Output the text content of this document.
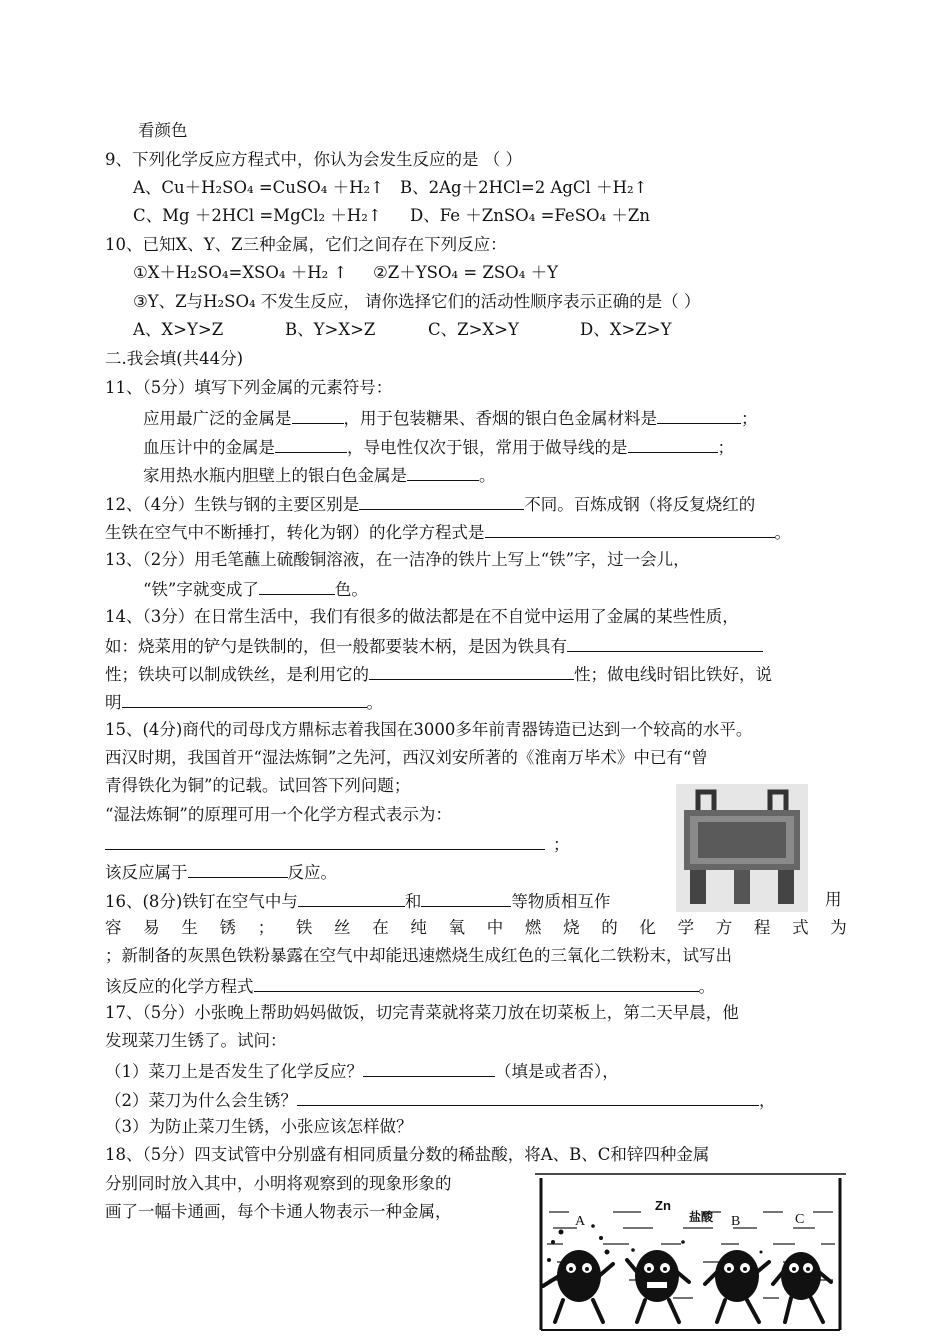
看颜色
9、下列化学反应方程式中，你认为会发生反应的是 （ ）
A、Cu＋H₂SO₄ =CuSO₄ ＋H₂↑ B、2Ag＋2HCl=2 AgCl ＋H₂↑
C、Mg ＋2HCl =MgCl₂ ＋H₂↑ D、Fe ＋ZnSO₄ =FeSO₄ ＋Zn
10、已知X、Y、Z三种金属，它们之间存在下列反应：
①X＋H₂SO₄=XSO₄ ＋H₂ ↑ ②Z＋YSO₄ = ZSO₄ ＋Y
③Y、Z与H₂SO₄ 不发生反应， 请你选择它们的活动性顺序表示正确的是（ ）
A、X>Y>Z	B、Y>X>Z	C、Z>X>Y	D、X>Z>Y
二.我会填(共44分)
11、（5分）填写下列金属的元素符号：
应用最广泛的金属是	，用于包装糖果、香烟的银白色金属材料是	；
血压计中的金属是	，导电性仅次于银，常用于做导线的是	；
家用热水瓶内胆壁上的银白色金属是	。
12、（4分）生铁与钢的主要区别是	不同。百炼成钢（将反复烧红的
生铁在空气中不断捶打，转化为钢）的化学方程式是	。
13、（2分）用毛笔蘸上硫酸铜溶液，在一洁净的铁片上写上“铁”字，过一会儿，
“铁”字就变成了	色。
14、（3分）在日常生活中，我们有很多的做法都是在不自觉中运用了金属的某些性质，
如：烧菜用的铲勺是铁制的，但一般都要装木柄，是因为铁具有
性；铁块可以制成铁丝，是利用它的	性；做电线时铝比铁好，说
明	。
15、(4分)商代的司母戊方鼎标志着我国在3000多年前青器铸造已达到一个较高的水平。
西汉时期，我国首开“湿法炼铜”之先河，西汉刘安所著的《淮南万毕术》中已有“曾
青得铁化为铜”的记载。试回答下列问题；
“湿法炼铜”的原理可用一个化学方程式表示为：
；
该反应属于	反应。
16、(8分)铁钉在空气中与	和	等物质相互作	用
容 易 生 锈 ； 铁 丝 在 纯 氧 中 燃 烧 的 化 学 方 程 式 为
；新制备的灰黑色铁粉暴露在空气中却能迅速燃烧生成红色的三氧化二铁粉末，试写出
该反应的化学方程式	。
17、（5分）小张晚上帮助妈妈做饭，切完青菜就将菜刀放在切菜板上，第二天早晨，他
发现菜刀生锈了。试问：
（1）菜刀上是否发生了化学反应？	（填是或者否），
（2）菜刀为什么会生锈？	，
（3）为防止菜刀生锈，小张应该怎样做？
18、（5分）四支试管中分别盛有相同质量分数的稀盐酸，将A、B、C和锌四种金属
分别同时放入其中，小明将观察到的现象形象的
画了一幅卡通画，每个卡通人物表示一种金属，
A
Zn
盐酸 B	C
